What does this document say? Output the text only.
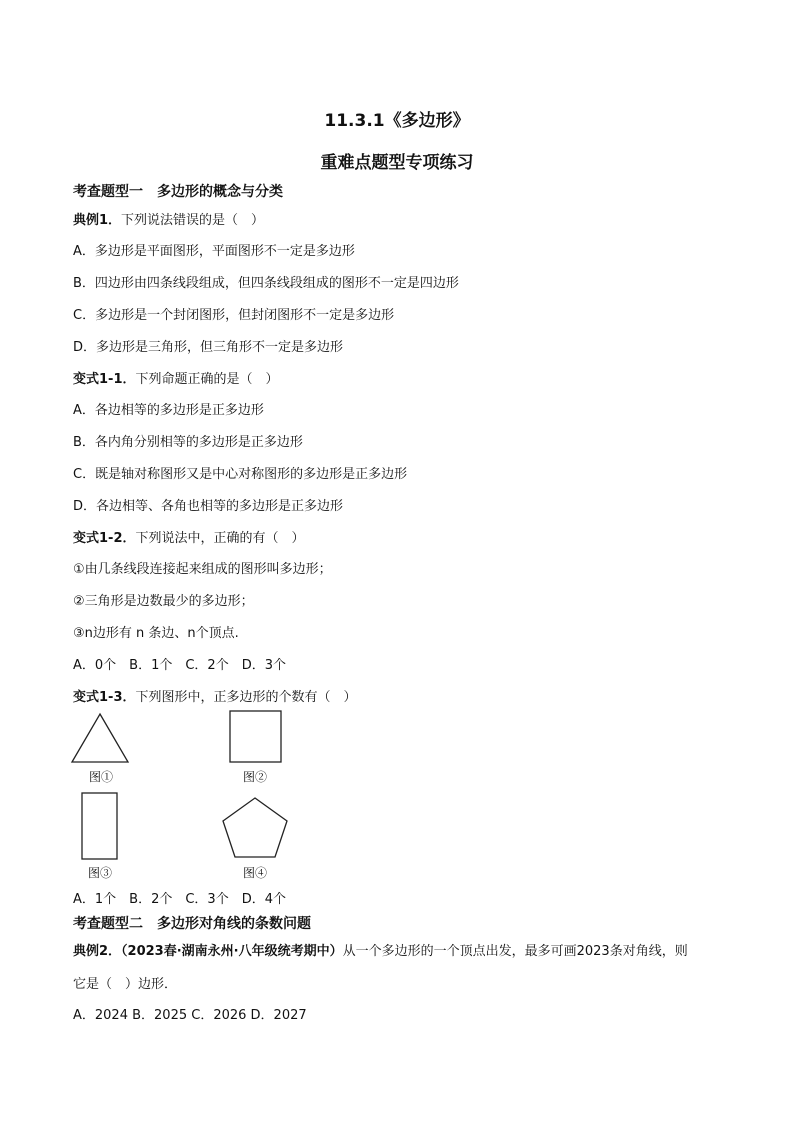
11.3.1《多边形》
重难点题型专项练习
考查题型一　多边形的概念与分类
典例1．下列说法错误的是（　）
A．多边形是平面图形，平面图形不一定是多边形
B．四边形由四条线段组成，但四条线段组成的图形不一定是四边形
C．多边形是一个封闭图形，但封闭图形不一定是多边形
D．多边形是三角形，但三角形不一定是多边形
变式1-1．下列命题正确的是（　）
A．各边相等的多边形是正多边形
B．各内角分别相等的多边形是正多边形
C．既是轴对称图形又是中心对称图形的多边形是正多边形
D．各边相等、各角也相等的多边形是正多边形
变式1-2．下列说法中，正确的有（　）
①由几条线段连接起来组成的图形叫多边形；
②三角形是边数最少的多边形；
③n边形有 n 条边、n个顶点.
A．0个　B．1个　C．2个　D．3个
变式1-3．下列图形中，正多边形的个数有（　）
图①	图②
图③	图④
A．1个　B．2个　C．3个　D．4个
考查题型二　多边形对角线的条数问题
典例2．（2023春·湖南永州·八年级统考期中）从一个多边形的一个顶点出发，最多可画2023条对角线，则
它是（　）边形．
A．2024 B．2025 C．2026 D．2027
